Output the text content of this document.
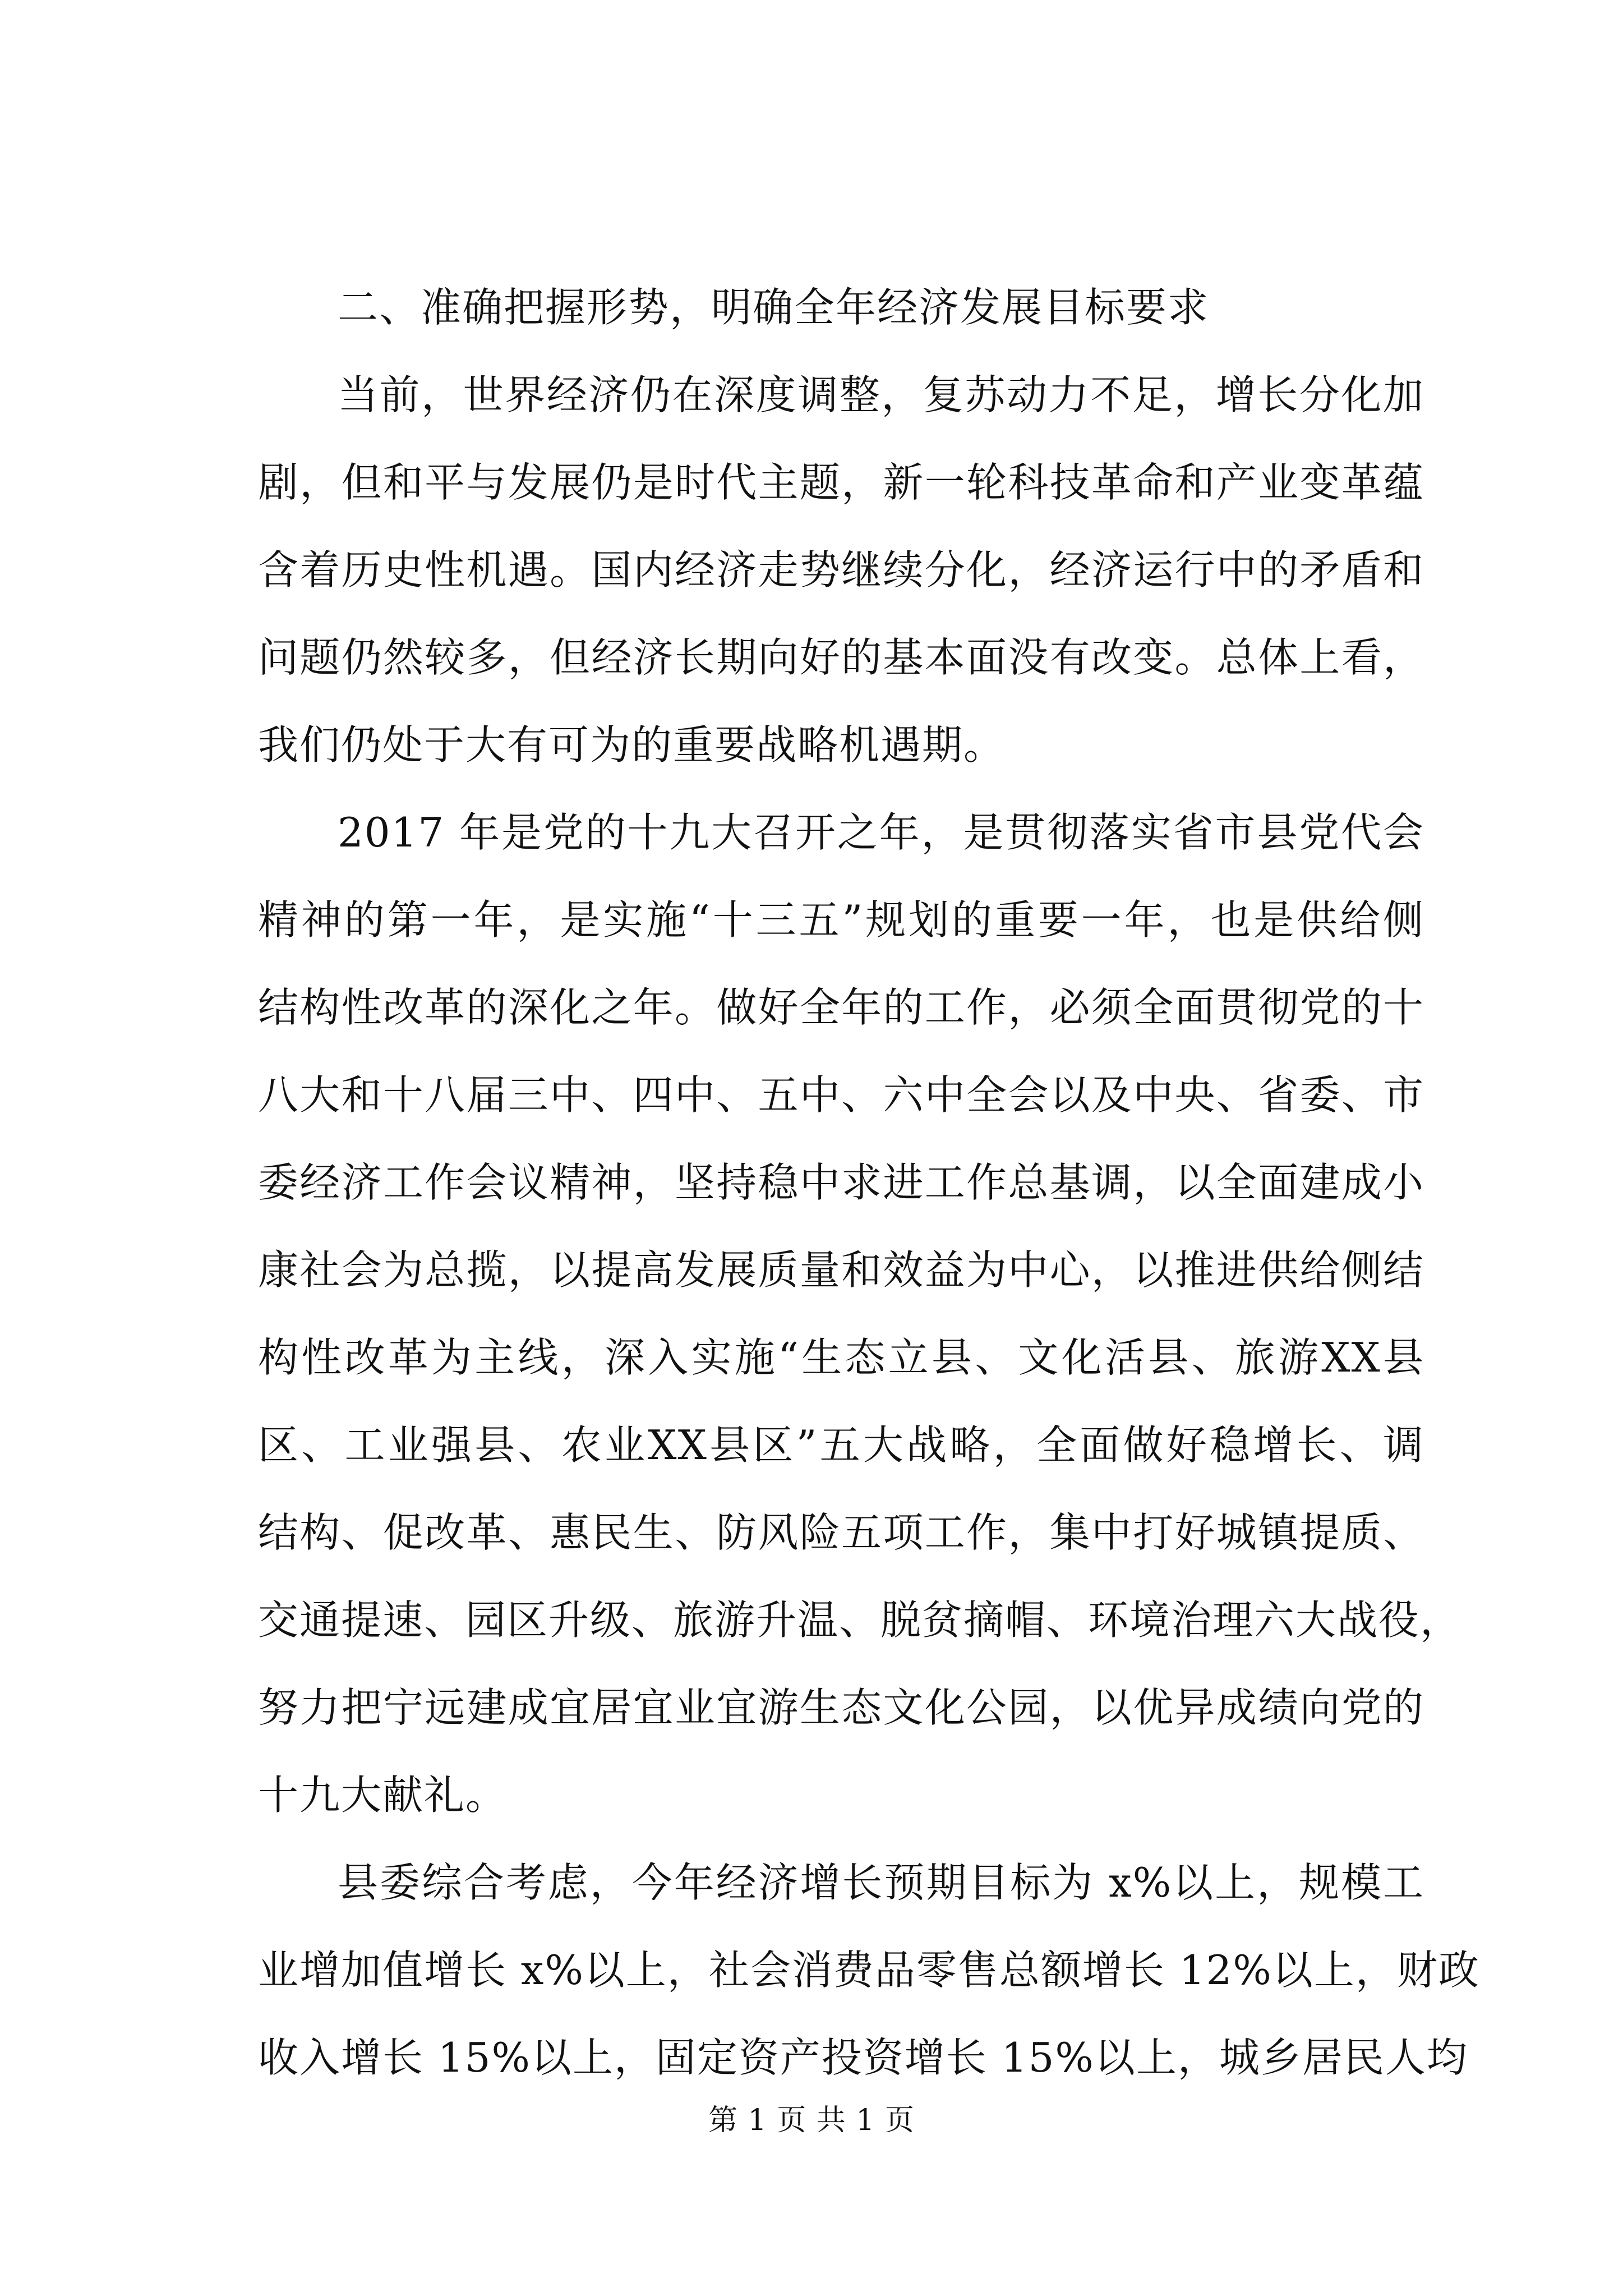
二、准确把握形势，明确全年经济发展目标要求
当前，世界经济仍在深度调整，复苏动力不足，增长分化加
剧，但和平与发展仍是时代主题，新一轮科技革命和产业变革蕴
含着历史性机遇。国内经济走势继续分化，经济运行中的矛盾和
问题仍然较多，但经济长期向好的基本面没有改变。总体上看，
我们仍处于大有可为的重要战略机遇期。
2017 年是党的十九大召开之年，是贯彻落实省市县党代会
精神的第一年，是实施“十三五”规划的重要一年，也是供给侧
结构性改革的深化之年。做好全年的工作，必须全面贯彻党的十
八大和十八届三中、四中、五中、六中全会以及中央、省委、市
委经济工作会议精神，坚持稳中求进工作总基调，以全面建成小
康社会为总揽，以提高发展质量和效益为中心，以推进供给侧结
构性改革为主线，深入实施“生态立县、文化活县、旅游XX县
区、工业强县、农业XX县区”五大战略，全面做好稳增长、调
结构、促改革、惠民生、防风险五项工作，集中打好城镇提质、
交通提速、园区升级、旅游升温、脱贫摘帽、环境治理六大战役，
努力把宁远建成宜居宜业宜游生态文化公园，以优异成绩向党的
十九大献礼。
县委综合考虑，今年经济增长预期目标为 x%以上，规模工
业增加值增长 x%以上，社会消费品零售总额增长 12%以上，财政
收入增长 15%以上，固定资产投资增长 15%以上，城乡居民人均
第 1 页 共 1 页
